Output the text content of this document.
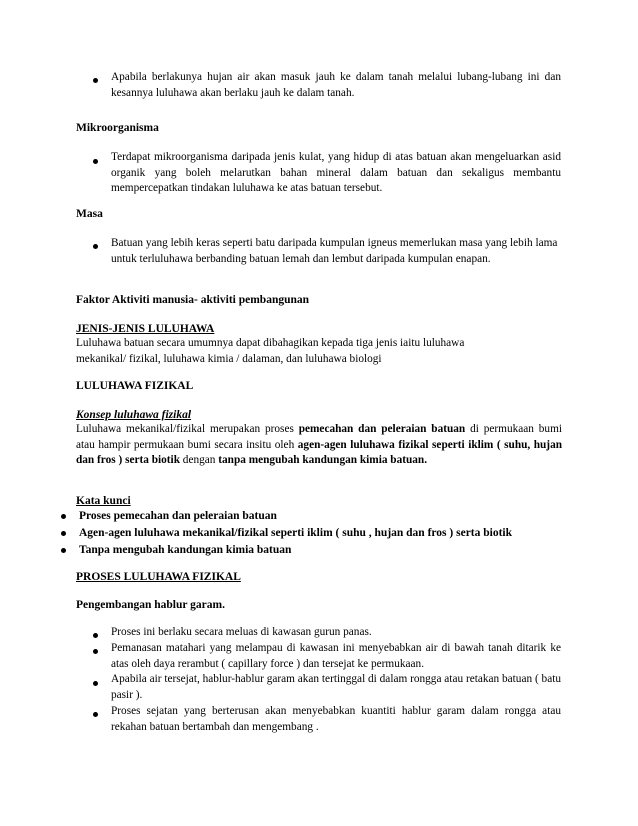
Apabila berlakunya hujan air akan masuk jauh ke dalam tanah melalui lubang-lubang ini dan kesannya luluhawa akan berlaku jauh ke dalam tanah.

Mikroorganisma

Terdapat mikroorganisma daripada jenis kulat, yang hidup di atas batuan akan mengeluarkan asid organik yang boleh melarutkan bahan mineral dalam batuan dan sekaligus membantu mempercepatkan tindakan luluhawa ke atas batuan tersebut.

Masa

Batuan yang lebih keras seperti batu daripada kumpulan igneus memerlukan masa yang lebih lama untuk terluluhawa berbanding batuan lemah dan lembut daripada kumpulan enapan.

Faktor Aktiviti manusia- aktiviti pembangunan

JENIS-JENIS LULUHAWA

Luluhawa batuan secara umumnya dapat dibahagikan kepada tiga jenis iaitu luluhawa mekanikal/ fizikal, luluhawa kimia / dalaman, dan luluhawa biologi

LULUHAWA FIZIKAL

Konsep luluhawa fizikal

Luluhawa mekanikal/fizikal merupakan proses pemecahan dan peleraian batuan di permukaan bumi atau hampir permukaan bumi secara insitu oleh agen-agen luluhawa fizikal seperti iklim ( suhu, hujan dan fros ) serta biotik dengan tanpa mengubah kandungan kimia batuan.

Kata kunci

Proses pemecahan dan peleraian batuan

Agen-agen luluhawa mekanikal/fizikal seperti iklim ( suhu , hujan dan fros ) serta biotik

Tanpa mengubah kandungan kimia batuan

PROSES LULUHAWA FIZIKAL

Pengembangan hablur garam.

Proses ini berlaku secara meluas di kawasan gurun panas.

Pemanasan matahari yang melampau di kawasan ini menyebabkan air di bawah tanah ditarik ke atas oleh daya rerambut ( capillary force ) dan tersejat ke permukaan.

Apabila air tersejat, hablur-hablur garam akan tertinggal di dalam rongga atau retakan batuan ( batu pasir ).

Proses sejatan yang berterusan akan menyebabkan kuantiti hablur garam dalam rongga atau rekahan batuan bertambah dan mengembang .
